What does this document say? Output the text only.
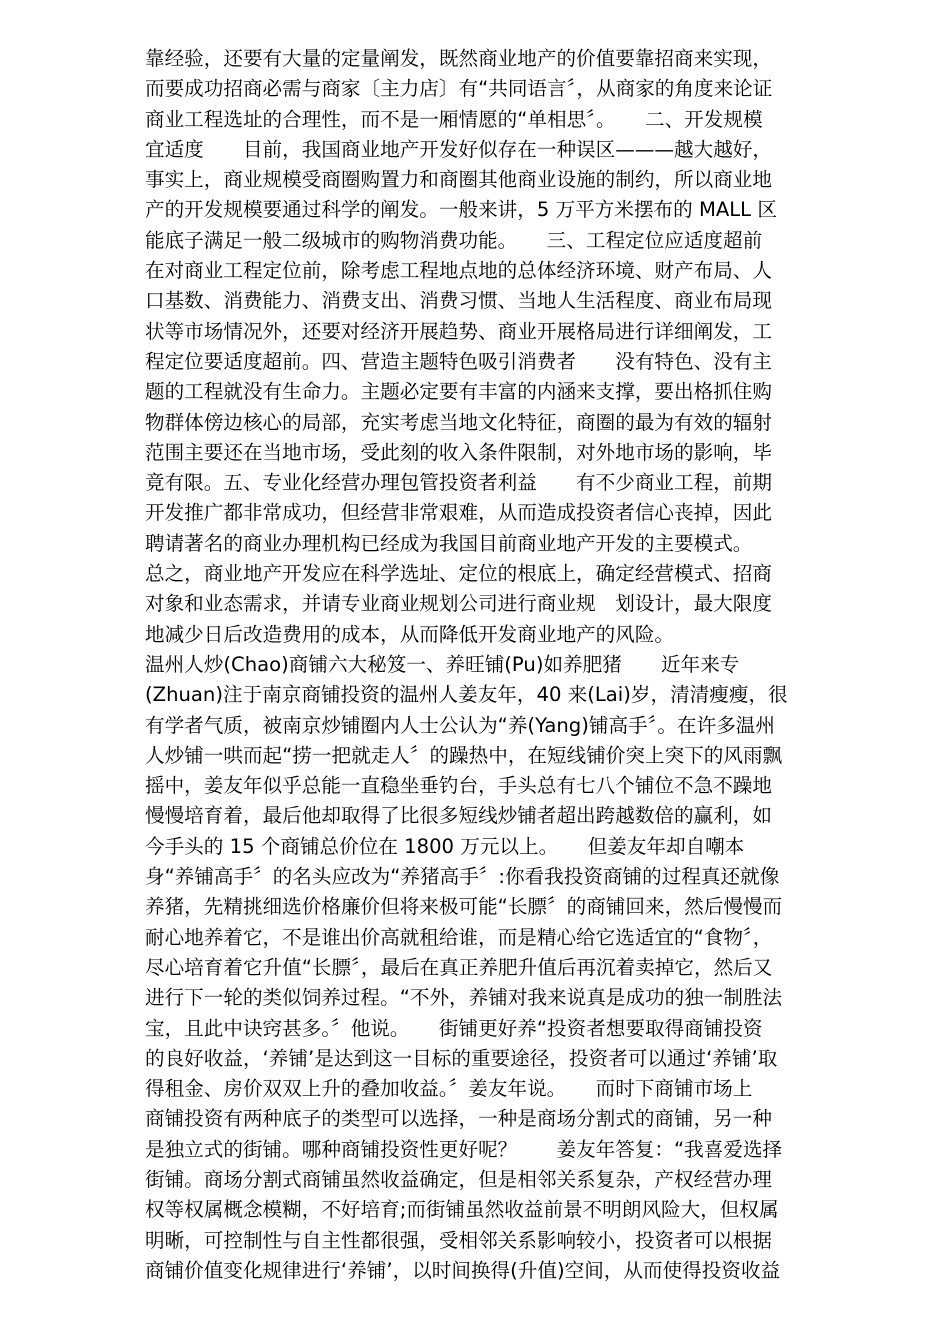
靠经验，还要有大量的定量阐发，既然商业地产的价值要靠招商来实现，
而要成功招商必需与商家〔主力店〕有“共同语言〞，从商家的角度来论证
商业工程选址的合理性，而不是一厢情愿的“单相思〞。　　二、开发规模
宜适度　　目前，我国商业地产开发好似存在一种误区———越大越好，
事实上，商业规模受商圈购置力和商圈其他商业设施的制约，所以商业地
产的开发规模要通过科学的阐发。一般来讲，5 万平方米摆布的 MALL 区
能底子满足一般二级城市的购物消费功能。　　三、工程定位应适度超前
在对商业工程定位前，除考虑工程地点地的总体经济环境、财产布局、人
口基数、消费能力、消费支出、消费习惯、当地人生活程度、商业布局现
状等市场情况外，还要对经济开展趋势、商业开展格局进行详细阐发，工
程定位要适度超前。四、营造主题特色吸引消费者　　没有特色、没有主
题的工程就没有生命力。主题必定要有丰富的内涵来支撑，要出格抓住购
物群体傍边核心的局部，充实考虑当地文化特征，商圈的最为有效的辐射
范围主要还在当地市场，受此刻的收入条件限制，对外地市场的影响，毕
竟有限。五、专业化经营办理包管投资者利益　　有不少商业工程，前期
开发推广都非常成功，但经营非常艰难，从而造成投资者信心丧掉，因此
聘请著名的商业办理机构已经成为我国目前商业地产开发的主要模式。
总之，商业地产开发应在科学选址、定位的根底上，确定经营模式、招商
对象和业态需求，并请专业商业规划公司进行商业规　划设计，最大限度
地减少日后改造费用的成本，从而降低开发商业地产的风险。
温州人炒(Chao)商铺六大秘笈一、养旺铺(Pu)如养肥猪　　近年来专
(Zhuan)注于南京商铺投资的温州人姜友年，40 来(Lai)岁，清清瘦瘦，很
有学者气质，被南京炒铺圈内人士公认为“养(Yang)铺高手〞。在许多温州
人炒铺一哄而起“捞一把就走人〞的躁热中，在短线铺价突上突下的风雨飘
摇中，姜友年似乎总能一直稳坐垂钓台，手头总有七八个铺位不急不躁地
慢慢培育着，最后他却取得了比很多短线炒铺者超出跨越数倍的赢利，如
今手头的 15 个商铺总价位在 1800 万元以上。　　但姜友年却自嘲本
身“养铺高手〞的名头应改为“养猪高手〞:你看我投资商铺的过程真还就像
养猪，先精挑细选价格廉价但将来极可能“长膘〞的商铺回来，然后慢慢而
耐心地养着它，不是谁出价高就租给谁，而是精心给它选适宜的“食物〞，
尽心培育着它升值“长膘〞，最后在真正养肥升值后再沉着卖掉它，然后又
进行下一轮的类似饲养过程。“不外，养铺对我来说真是成功的独一制胜法
宝，且此中诀窍甚多。〞他说。　　街铺更好养“投资者想要取得商铺投资
的良好收益，‘养铺’是达到这一目标的重要途径，投资者可以通过‘养铺’取
得租金、房价双双上升的叠加收益。〞姜友年说。　　而时下商铺市场上
商铺投资有两种底子的类型可以选择，一种是商场分割式的商铺，另一种
是独立式的街铺。哪种商铺投资性更好呢？　　姜友年答复：“我喜爱选择
街铺。商场分割式商铺虽然收益确定，但是相邻关系复杂，产权经营办理
权等权属概念模糊，不好培育;而街铺虽然收益前景不明朗风险大，但权属
明晰，可控制性与自主性都很强，受相邻关系影响较小，投资者可以根据
商铺价值变化规律进行‘养铺’，以时间换得(升值)空间，从而使得投资收益
